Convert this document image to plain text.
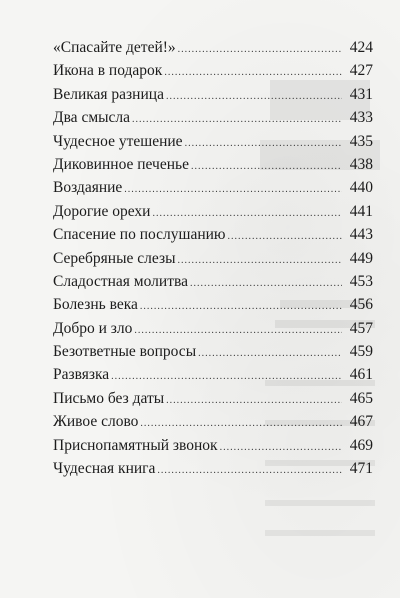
«Спасайте детей!» .....	424
Икона в подарок .....	427
Великая разница .....	431
Два смысла .....	433
Чудесное утешение .....	435
Диковинное печенье .....	438
Воздаяние .....	440
Дорогие орехи .....	441
Спасение по послушанию .....	443
Серебряные слезы .....	449
Сладостная молитва .....	453
Болезнь века .....	456
Добро и зло .....	457
Безответные вопросы .....	459
Развязка .....	461
Письмо без даты .....	465
Живое слово .....	467
Приснопамятный звонок .....	469
Чудесная книга .....	471
